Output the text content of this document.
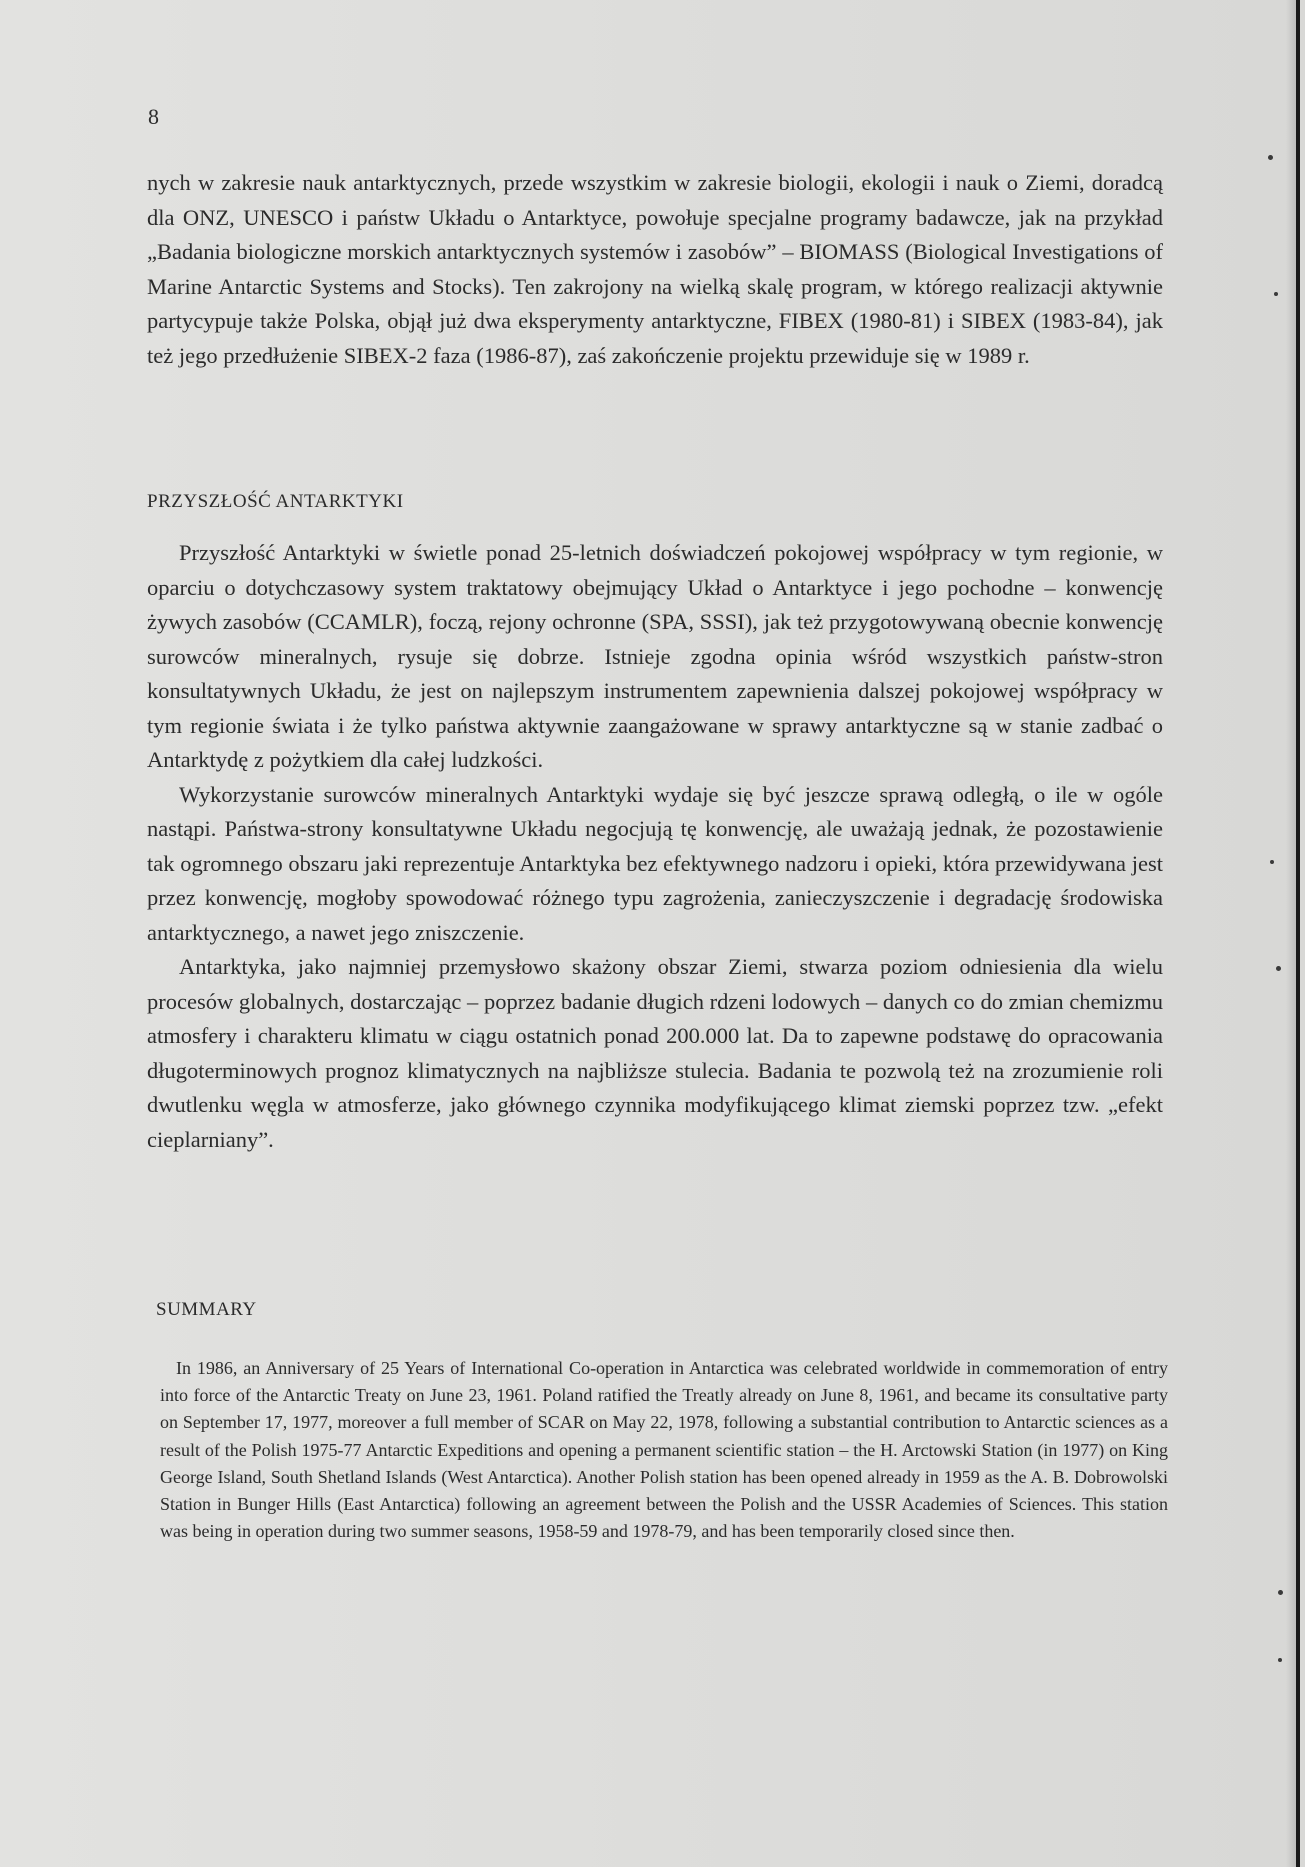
8

nych w zakresie nauk antarktycznych, przede wszystkim w zakresie biologii, ekologii i nauk o Ziemi, doradcą dla ONZ, UNESCO i państw Układu o Antarktyce, powołuje specjalne programy badawcze, jak na przykład „Badania biologiczne morskich antarktycznych systemów i zasobów” – BIOMASS (Biological Investigations of Marine Antarctic Systems and Stocks). Ten zakrojony na wielką skalę program, w którego realizacji aktywnie partycypuje także Polska, objął już dwa eksperymenty antarktyczne, FIBEX (1980-81) i SIBEX (1983-84), jak też jego przedłużenie SIBEX-2 faza (1986-87), zaś zakończenie projektu przewiduje się w 1989 r.

PRZYSZŁOŚĆ ANTARKTYKI

Przyszłość Antarktyki w świetle ponad 25-letnich doświadczeń pokojowej współpracy w tym regionie, w oparciu o dotychczasowy system traktatowy obejmujący Układ o Antarktyce i jego pochodne – konwencję żywych zasobów (CCAMLR), foczą, rejony ochronne (SPA, SSSI), jak też przygotowywaną obecnie konwencję surowców mineralnych, rysuje się dobrze. Istnieje zgodna opinia wśród wszystkich państw-stron konsultatywnych Układu, że jest on najlepszym instrumentem zapewnienia dalszej pokojowej współpracy w tym regionie świata i że tylko państwa aktywnie zaangażowane w sprawy antarktyczne są w stanie zadbać o Antarktydę z pożytkiem dla całej ludzkości.

Wykorzystanie surowców mineralnych Antarktyki wydaje się być jeszcze sprawą odległą, o ile w ogóle nastąpi. Państwa-strony konsultatywne Układu negocjują tę konwencję, ale uważają jednak, że pozostawienie tak ogromnego obszaru jaki reprezentuje Antarktyka bez efektywnego nadzoru i opieki, która przewidywana jest przez konwencję, mogłoby spowodować różnego typu zagrożenia, zanieczyszczenie i degradację środowiska antarktycznego, a nawet jego zniszczenie.

Antarktyka, jako najmniej przemysłowo skażony obszar Ziemi, stwarza poziom odniesienia dla wielu procesów globalnych, dostarczając – poprzez badanie długich rdzeni lodowych – danych co do zmian chemizmu atmosfery i charakteru klimatu w ciągu ostatnich ponad 200.000 lat. Da to zapewne podstawę do opracowania długoterminowych prognoz klimatycznych na najbliższe stulecia. Badania te pozwolą też na zrozumienie roli dwutlenku węgla w atmosferze, jako głównego czynnika modyfikującego klimat ziemski poprzez tzw. „efekt cieplarniany”.

SUMMARY

In 1986, an Anniversary of 25 Years of International Co-operation in Antarctica was celebrated worldwide in commemoration of entry into force of the Antarctic Treaty on June 23, 1961. Poland ratified the Treatly already on June 8, 1961, and became its consultative party on September 17, 1977, moreover a full member of SCAR on May 22, 1978, following a substantial contribution to Antarctic sciences as a result of the Polish 1975-77 Antarctic Expeditions and opening a permanent scientific station – the H. Arctowski Station (in 1977) on King George Island, South Shetland Islands (West Antarctica). Another Polish station has been opened already in 1959 as the A. B. Dobrowolski Station in Bunger Hills (East Antarctica) following an agreement between the Polish and the USSR Academies of Sciences. This station was being in operation during two summer seasons, 1958-59 and 1978-79, and has been temporarily closed since then.
